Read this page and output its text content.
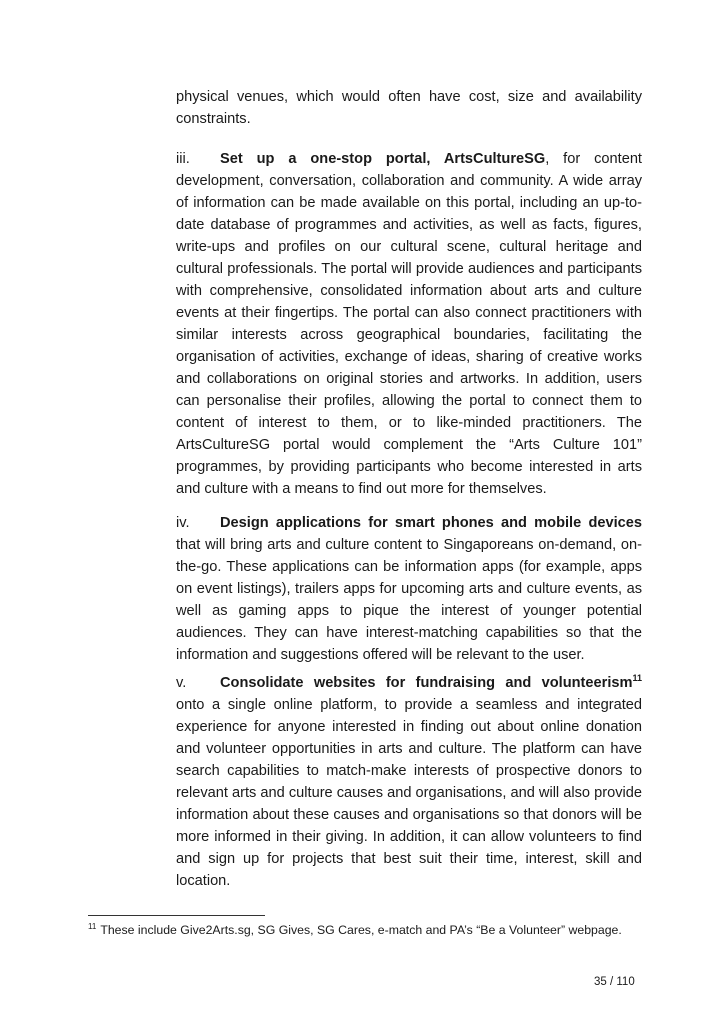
physical venues, which would often have cost, size and availability constraints.

iii. Set up a one-stop portal, ArtsCultureSG, for content development, conversation, collaboration and community. A wide array of information can be made available on this portal, including an up-to-date database of programmes and activities, as well as facts, figures, write-ups and profiles on our cultural scene, cultural heritage and cultural professionals. The portal will provide audiences and participants with comprehensive, consolidated information about arts and culture events at their fingertips. The portal can also connect practitioners with similar interests across geographical boundaries, facilitating the organisation of activities, exchange of ideas, sharing of creative works and collaborations on original stories and artworks. In addition, users can personalise their profiles, allowing the portal to connect them to content of interest to them, or to like-minded practitioners. The ArtsCultureSG portal would complement the “Arts Culture 101” programmes, by providing participants who become interested in arts and culture with a means to find out more for themselves.

iv. Design applications for smart phones and mobile devices that will bring arts and culture content to Singaporeans on-demand, on-the-go. These applications can be information apps (for example, apps on event listings), trailers apps for upcoming arts and culture events, as well as gaming apps to pique the interest of younger potential audiences. They can have interest-matching capabilities so that the information and suggestions offered will be relevant to the user.

v. Consolidate websites for fundraising and volunteerism$^{11}$ onto a single online platform, to provide a seamless and integrated experience for anyone interested in finding out about online donation and volunteer opportunities in arts and culture. The platform can have search capabilities to match-make interests of prospective donors to relevant arts and culture causes and organisations, and will also provide information about these causes and organisations so that donors will be more informed in their giving. In addition, it can allow volunteers to find and sign up for projects that best suit their time, interest, skill and location.

$^{11}$ These include Give2Arts.sg, SG Gives, SG Cares, e-match and PA’s “Be a Volunteer” webpage.

35 / 110
